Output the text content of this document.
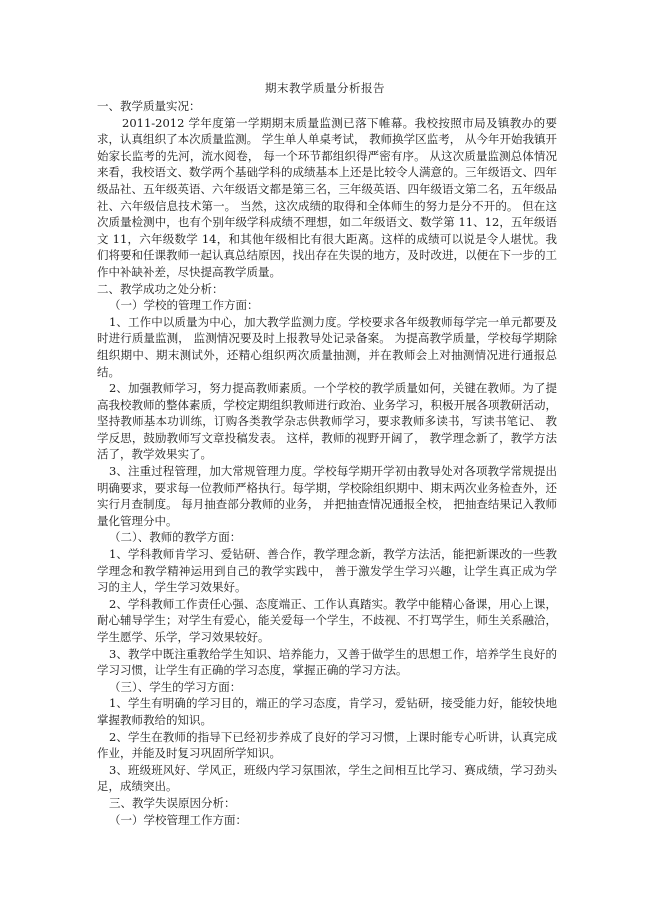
期末教学质量分析报告

一、教学质量实况：

2011-2012 学年度第一学期期末质量监测已落下帷幕。我校按照市局及镇教办的要求，认真组织了本次质量监测。 学生单人单桌考试， 教师换学区监考， 从今年开始我镇开始家长监考的先河，流水阅卷， 每一个环节都组织得严密有序。 从这次质量监测总体情况来看，我校语文、数学两个基础学科的成绩基本上还是比较令人满意的。三年级语文、四年级品社、五年级英语、六年级语文都是第三名，三年级英语、四年级语文第二名，五年级品社、六年级信息技术第一。 当然，这次成绩的取得和全体师生的努力是分不开的。 但在这次质量检测中，也有个别年级学科成绩不理想，如二年级语文、数学第 11、12，五年级语文 11，六年级数学 14，和其他年级相比有很大距离。这样的成绩可以说是令人堪忧。我们将要和任课教师一起认真总结原因，找出存在失误的地方，及时改进，以便在下一步的工作中补缺补差，尽快提高教学质量。

二、教学成功之处分析：

（一）学校的管理工作方面：

1、工作中以质量为中心，加大教学监测力度。学校要求各年级教师每学完一单元都要及时进行质量监测， 监测情况要及时上报教导处记录备案。 为提高教学质量，学校每学期除组织期中、期末测试外，还精心组织两次质量抽测，并在教师会上对抽测情况进行通报总结。

2、加强教师学习，努力提高教师素质。一个学校的教学质量如何，关键在教师。为了提高我校教师的整体素质，学校定期组织教师进行政治、业务学习，积极开展各项教研活动，坚持教师基本功训练，订购各类教学杂志供教师学习，要求教师多读书，写读书笔记、 教学反思，鼓励教师写文章投稿发表。 这样，教师的视野开阔了， 教学理念新了，教学方法活了，教学效果实了。

3、注重过程管理，加大常规管理力度。学校每学期开学初由教导处对各项教学常规提出明确要求，要求每一位教师严格执行。每学期，学校除组织期中、期末两次业务检查外，还实行月查制度。 每月抽查部分教师的业务， 并把抽查情况通报全校， 把抽查结果记入教师量化管理分中。

（二）、教师的教学方面：

1、学科教师肯学习、爱钻研、善合作，教学理念新，教学方法活，能把新课改的一些教学理念和教学精神运用到自己的教学实践中， 善于激发学生学习兴趣，让学生真正成为学习的主人，学生学习效果好。

2、学科教师工作责任心强、态度端正、工作认真踏实。教学中能精心备课，用心上课，耐心辅导学生；对学生有爱心，能关爱每一个学生，不歧视、不打骂学生，师生关系融洽，学生愿学、乐学，学习效果较好。

3、教学中既注重教给学生知识、培养能力，又善于做学生的思想工作，培养学生良好的学习习惯，让学生有正确的学习态度，掌握正确的学习方法。

（三）、学生的学习方面：

1、学生有明确的学习目的，端正的学习态度，肯学习，爱钻研，接受能力好，能较快地掌握教师教给的知识。

2、学生在教师的指导下已经初步养成了良好的学习习惯，上课时能专心听讲，认真完成作业，并能及时复习巩固所学知识。

3、班级班风好、学风正，班级内学习氛围浓，学生之间相互比学习、赛成绩，学习劲头足，成绩突出。

三、教学失误原因分析：

（一）学校管理工作方面：
